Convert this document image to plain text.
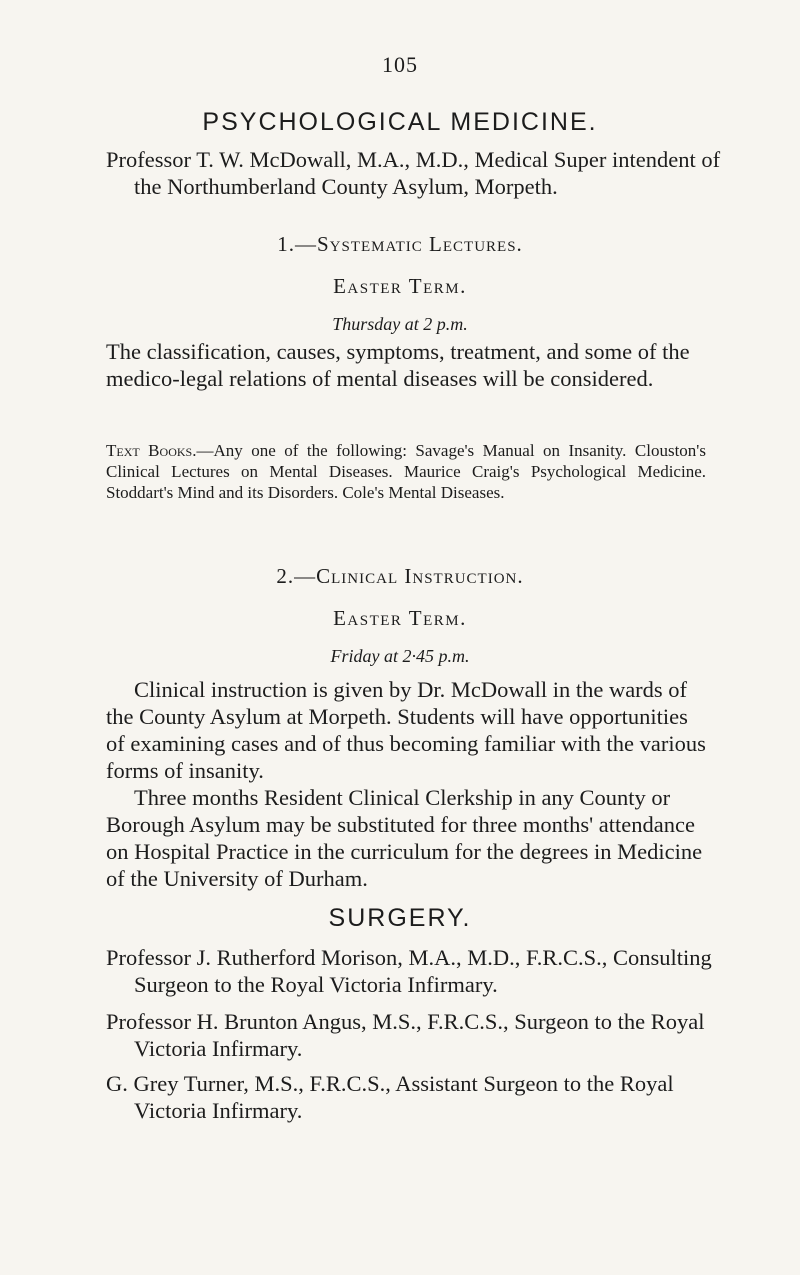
105
PSYCHOLOGICAL MEDICINE.
Professor T. W. McDowall, M.A., M.D., Medical Super intendent of the Northumberland County Asylum, Morpeth.
1.—Systematic Lectures.
Easter Term.
Thursday at 2 p.m.
The classification, causes, symptoms, treatment, and some of the medico-legal relations of mental diseases will be considered.
Text Books.—Any one of the following: Savage's Manual on Insanity. Clouston's Clinical Lectures on Mental Diseases. Maurice Craig's Psychological Medicine. Stoddart's Mind and its Disorders. Cole's Mental Diseases.
2.—Clinical Instruction.
Easter Term.
Friday at 2·45 p.m.
Clinical instruction is given by Dr. McDowall in the wards of the County Asylum at Morpeth. Students will have opportunities of examining cases and of thus becoming familiar with the various forms of insanity.
Three months Resident Clinical Clerkship in any County or Borough Asylum may be substituted for three months' attendance on Hospital Practice in the curriculum for the degrees in Medicine of the University of Durham.
SURGERY.
Professor J. Rutherford Morison, M.A., M.D., F.R.C.S., Consulting Surgeon to the Royal Victoria Infirmary.
Professor H. Brunton Angus, M.S., F.R.C.S., Surgeon to the Royal Victoria Infirmary.
G. Grey Turner, M.S., F.R.C.S., Assistant Surgeon to the Royal Victoria Infirmary.
